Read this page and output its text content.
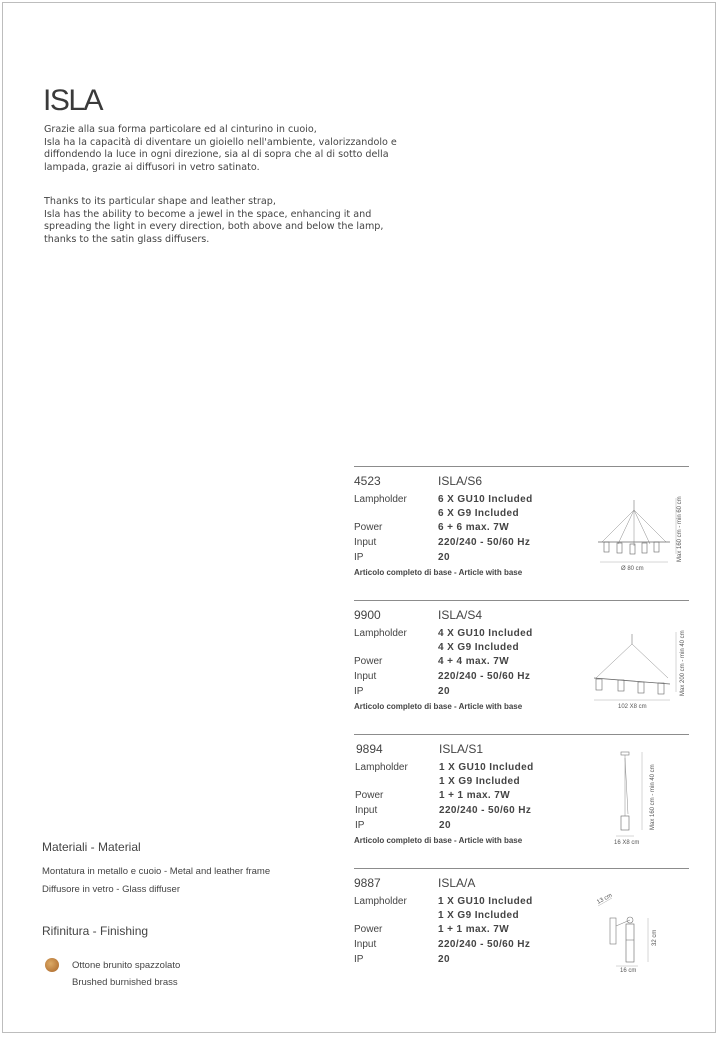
ISLA
Grazie alla sua forma particolare ed al cinturino in cuoio,
Isla ha la capacità di diventare un gioiello nell'ambiente, valorizzandolo e
diffondendo la luce in ogni direzione, sia al di sopra che al di sotto della
lampada, grazie ai diffusori in vetro satinato.
Thanks to its particular shape and leather strap,
Isla has the ability to become a jewel in the space, enhancing it and
spreading the light in every direction, both above and below the lamp,
thanks to the satin glass diffusers.
4523	ISLA/S6
Lampholder	6 X GU10 Included
6 X G9 Included
Power	6 + 6 max. 7W
Input	220/240 - 50/60 Hz
IP	20
Articolo completo di base - Article with base	Ø 80 cm
Max 160 cm - min 60 cm
9900	ISLA/S4
Lampholder	4 X GU10 Included
4 X G9 Included
Power	4 + 4 max. 7W
Input	220/240 - 50/60 Hz
IP	20
Articolo completo di base - Article with base	102 X8 cm
Max 200 cm - min 40 cm
9894	ISLA/S1
Lampholder	1 X GU10 Included
1 X G9 Included
Power	1 + 1 max. 7W
Input	220/240 - 50/60 Hz
IP	20
Articolo completo di base - Article with base	16 X8 cm
Max 160 cm - min 40 cm
9887	ISLA/A
Lampholder	1 X GU10 Included
1 X G9 Included
Power	1 + 1 max. 7W
Input	220/240 - 50/60 Hz
IP	20
13 cm
16 cm
32 cm
Materiali - Material
Montatura in metallo e cuoio - Metal and leather frame
Diffusore in vetro - Glass diffuser
Rifinitura - Finishing
Ottone brunito spazzolato
Brushed burnished brass
